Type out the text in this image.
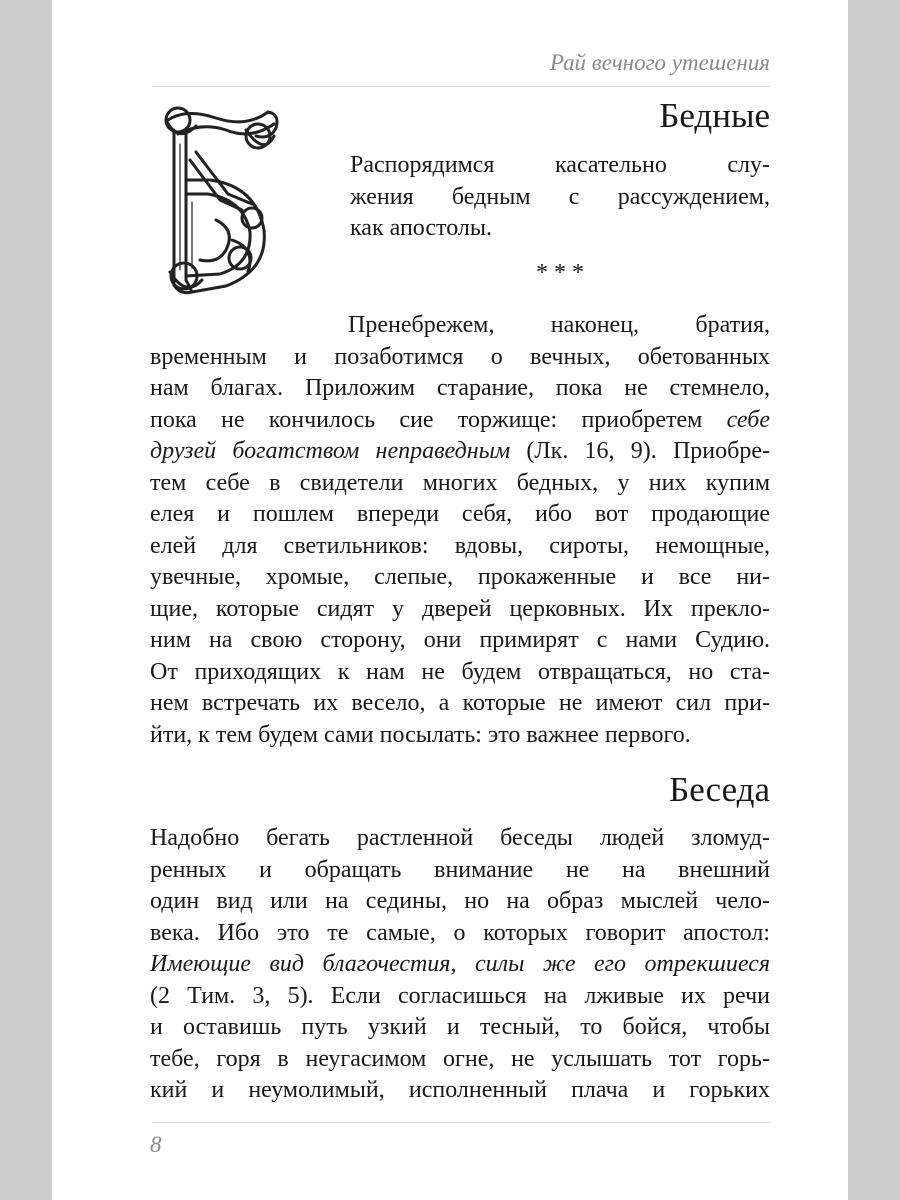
Рай вечного утешения
Бедные
Распорядимся касательно слу-
жения бедным с рассуждением,
как апостолы.
* * *
Пренебрежем, наконец, братия,
временным и позаботимся о вечных, обетованных
нам благах. Приложим старание, пока не стемнело,
пока не кончилось сие торжище: приобретем себе
друзей богатством неправедным (Лк. 16, 9). Приобре-
тем себе в свидетели многих бедных, у них купим
елея и пошлем впереди себя, ибо вот продающие
елей для светильников: вдовы, сироты, немощные,
увечные, хромые, слепые, прокаженные и все ни-
щие, которые сидят у дверей церковных. Их прекло-
ним на свою сторону, они примирят с нами Судию.
От приходящих к нам не будем отвращаться, но ста-
нем встречать их весело, а которые не имеют сил при-
йти, к тем будем сами посылать: это важнее первого.
Беседа
Надобно бегать растленной беседы людей зломуд-
ренных и обращать внимание не на внешний
один вид или на седины, но на образ мыслей чело-
века. Ибо это те самые, о которых говорит апостол:
Имеющие вид благочестия, силы же его отрекшиеся
(2 Тим. 3, 5). Если согласишься на лживые их речи
и оставишь путь узкий и тесный, то бойся, чтобы
тебе, горя в неугасимом огне, не услышать тот горь-
кий и неумолимый, исполненный плача и горьких
8
